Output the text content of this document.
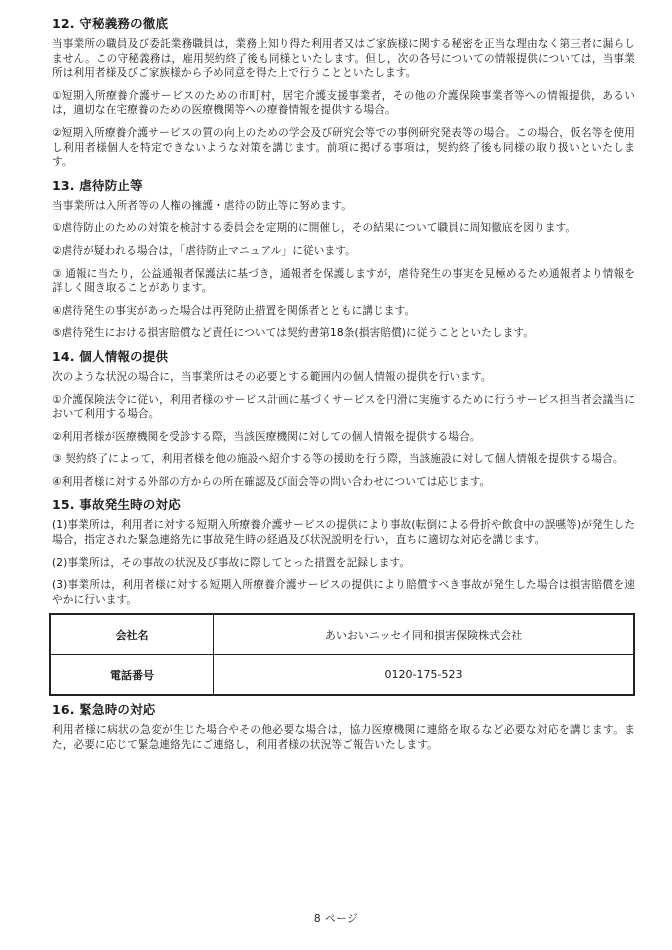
12. 守秘義務の徹底

当事業所の職員及び委託業務職員は，業務上知り得た利用者又はご家族様に関する秘密を正当な理由なく第三者に漏らしません。この守秘義務は，雇用契約終了後も同様といたします。但し，次の各号についての情報提供については，当事業所は利用者様及びご家族様から予め同意を得た上で行うことといたします。

①短期入所療養介護サービスのための市町村，居宅介護支援事業者，その他の介護保険事業者等への情報提供，あるいは，適切な在宅療養のための医療機関等への療養情報を提供する場合。

②短期入所療養介護サービスの質の向上のための学会及び研究会等での事例研究発表等の場合。この場合，仮名等を使用し利用者様個人を特定できないような対策を講じます。前項に掲げる事項は，契約終了後も同様の取り扱いといたします。

13. 虐待防止等

当事業所は入所者等の人権の擁護・虐待の防止等に努めます。

①虐待防止のための対策を検討する委員会を定期的に開催し，その結果について職員に周知徹底を図ります。

②虐待が疑われる場合は，「虐待防止マニュアル」に従います。

③ 通報に当たり，公益通報者保護法に基づき，通報者を保護しますが，虐待発生の事実を見極めるため通報者より情報を詳しく聞き取ることがあります。

④虐待発生の事実があった場合は再発防止措置を関係者とともに講じます。

⑤虐待発生における損害賠償など責任については契約書第18条(損害賠償)に従うことといたします。

14. 個人情報の提供

次のような状況の場合に，当事業所はその必要とする範囲内の個人情報の提供を行います。

①介護保険法令に従い，利用者様のサービス計画に基づくサービスを円滑に実施するために行うサービス担当者会議当において利用する場合。

②利用者様が医療機関を受診する際，当該医療機関に対しての個人情報を提供する場合。

③ 契約終了によって，利用者様を他の施設へ紹介する等の援助を行う際，当該施設に対して個人情報を提供する場合。

④利用者様に対する外部の方からの所在確認及び面会等の問い合わせについては応じます。

15. 事故発生時の対応

(1)事業所は，利用者に対する短期入所療養介護サービスの提供により事故(転倒による骨折や飲食中の誤嚥等)が発生した場合，指定された緊急連絡先に事故発生時の経過及び状況説明を行い，直ちに適切な対応を講じます。

(2)事業所は，その事故の状況及び事故に際してとった措置を記録します。

(3)事業所は，利用者様に対する短期入所療養介護サービスの提供により賠償すべき事故が発生した場合は損害賠償を速やかに行います。

会社名	あいおいニッセイ同和損害保険株式会社
電話番号	0120-175-523
16. 緊急時の対応

利用者様に病状の急変が生じた場合やその他必要な場合は，協力医療機関に連絡を取るなど必要な対応を講じます。また，必要に応じて緊急連絡先にご連絡し，利用者様の状況等ご報告いたします。

8 ページ
